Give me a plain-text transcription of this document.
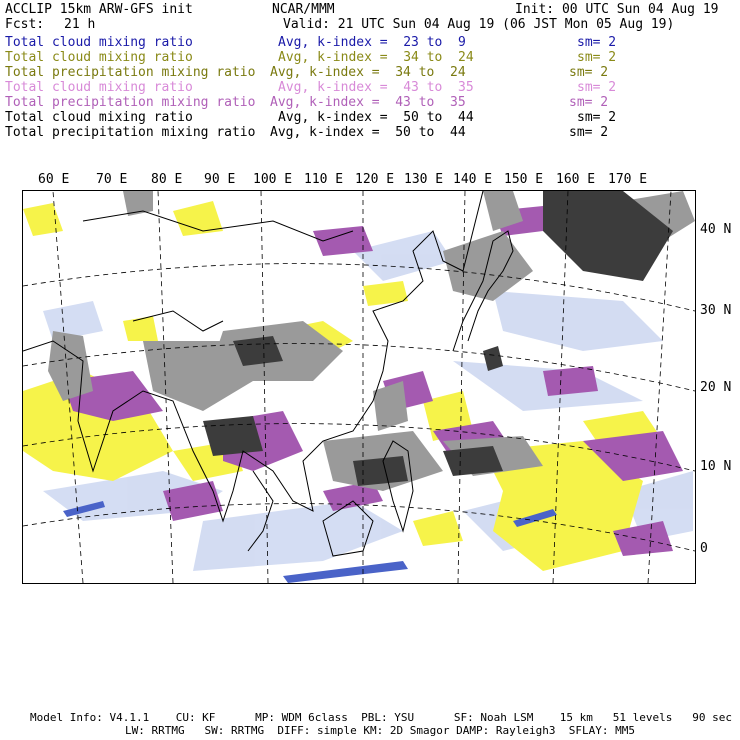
ACCLIP 15km ARW-GFS init	NCAR/MMM	Init: 00 UTC Sun 04 Aug 19
Fcst: 21 h	Valid: 21 UTC Sun 04 Aug 19 (06 JST Mon 05 Aug 19)

Total cloud mixing ratio

	Avg, k-index =  23 to  9

	sm= 2

Total cloud mixing ratio

	Avg, k-index =  34 to  24

	sm= 2

Total precipitation mixing ratio

Avg, k-index =  34 to  24

	sm= 2

Total cloud mixing ratio

	Avg, k-index =  43 to  35

	sm= 2

Total precipitation mixing ratio

Avg, k-index =  43 to  35

	sm= 2

Total cloud mixing ratio

	Avg, k-index =  50 to  44

	sm= 2

Total precipitation mixing ratio

Avg, k-index =  50 to  44

	sm= 2

60 E 70 E 80 E 90 E 100 E 110 E 120 E 130 E 140 E 150 E 160 E 170 E
40 N
30 N
20 N
10 N
0
Model Info: V4.1.1    CU: KF      MP: WDM 6class  PBL: YSU      SF: Noah LSM    15 km   51 levels   90 sec
LW: RRTMG   SW: RRTMG  DIFF: simple KM: 2D Smagor DAMP: Rayleigh3  SFLAY: MM5
